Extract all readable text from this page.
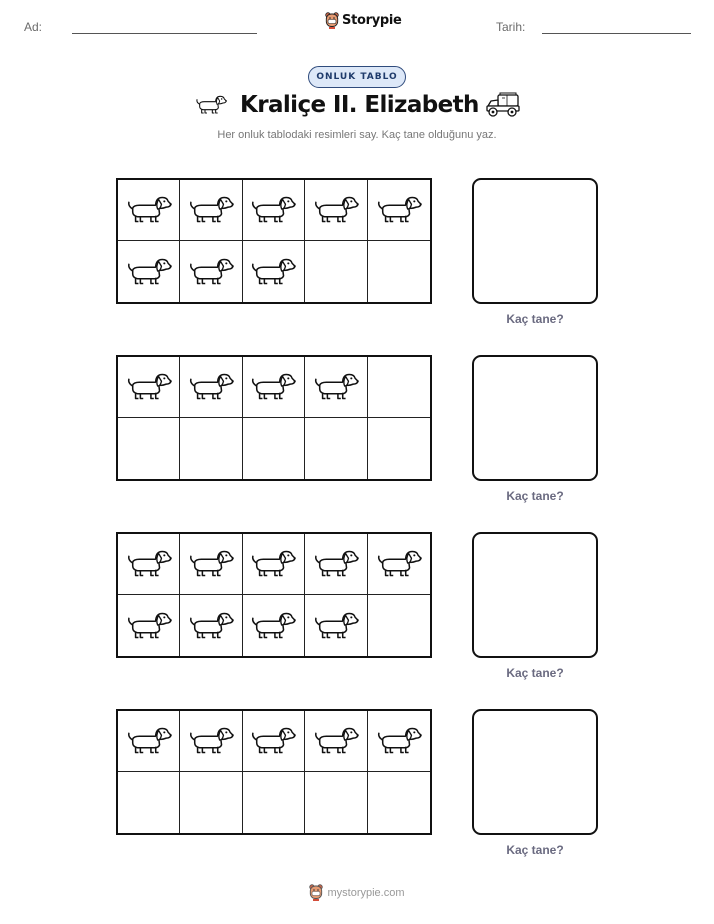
Ad:	Storypie	Tarih:
ONLUK TABLO
Kraliçe II. Elizabeth
Her onluk tablodaki resimleri say. Kaç tane olduğunu yaz.
Kaç tane?
Kaç tane?
Kaç tane?
Kaç tane?
mystorypie.com
